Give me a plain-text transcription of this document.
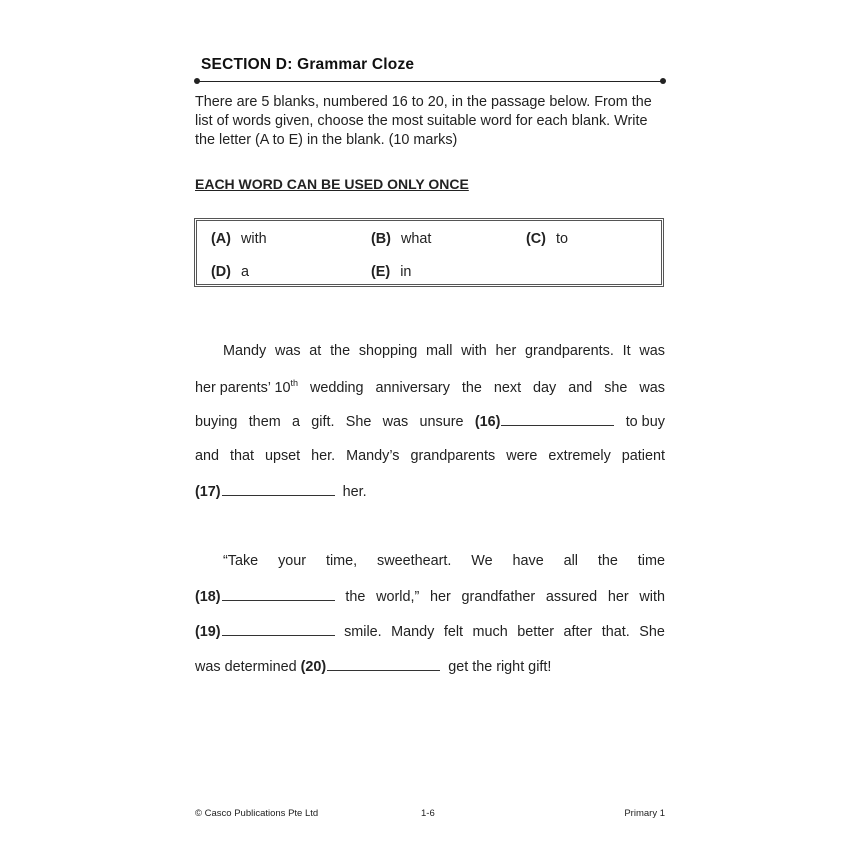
SECTION D: Grammar Cloze
There are 5 blanks, numbered 16 to 20, in the passage below. From the list of words given, choose the most suitable word for each blank. Write the letter (A to E) in the blank. (10 marks)
EACH WORD CAN BE USED ONLY ONCE
(A) with	(B) what	(C) to
(D) a	(E) in
Mandy was at the shopping mall with her grandparents. It was
her parents’ 10th wedding anniversary the next day and she was
buying them a gift. She was unsure (16)	to buy
and that upset her. Mandy’s grandparents were extremely patient
(17)	her.
“Take your time, sweetheart. We have all the time
(18)	the world,” her grandfather assured her with
(19)	smile. Mandy felt much better after that. She
was determined (20)	get the right gift!
© Casco Publications Pte Ltd	1-6	Primary 1
